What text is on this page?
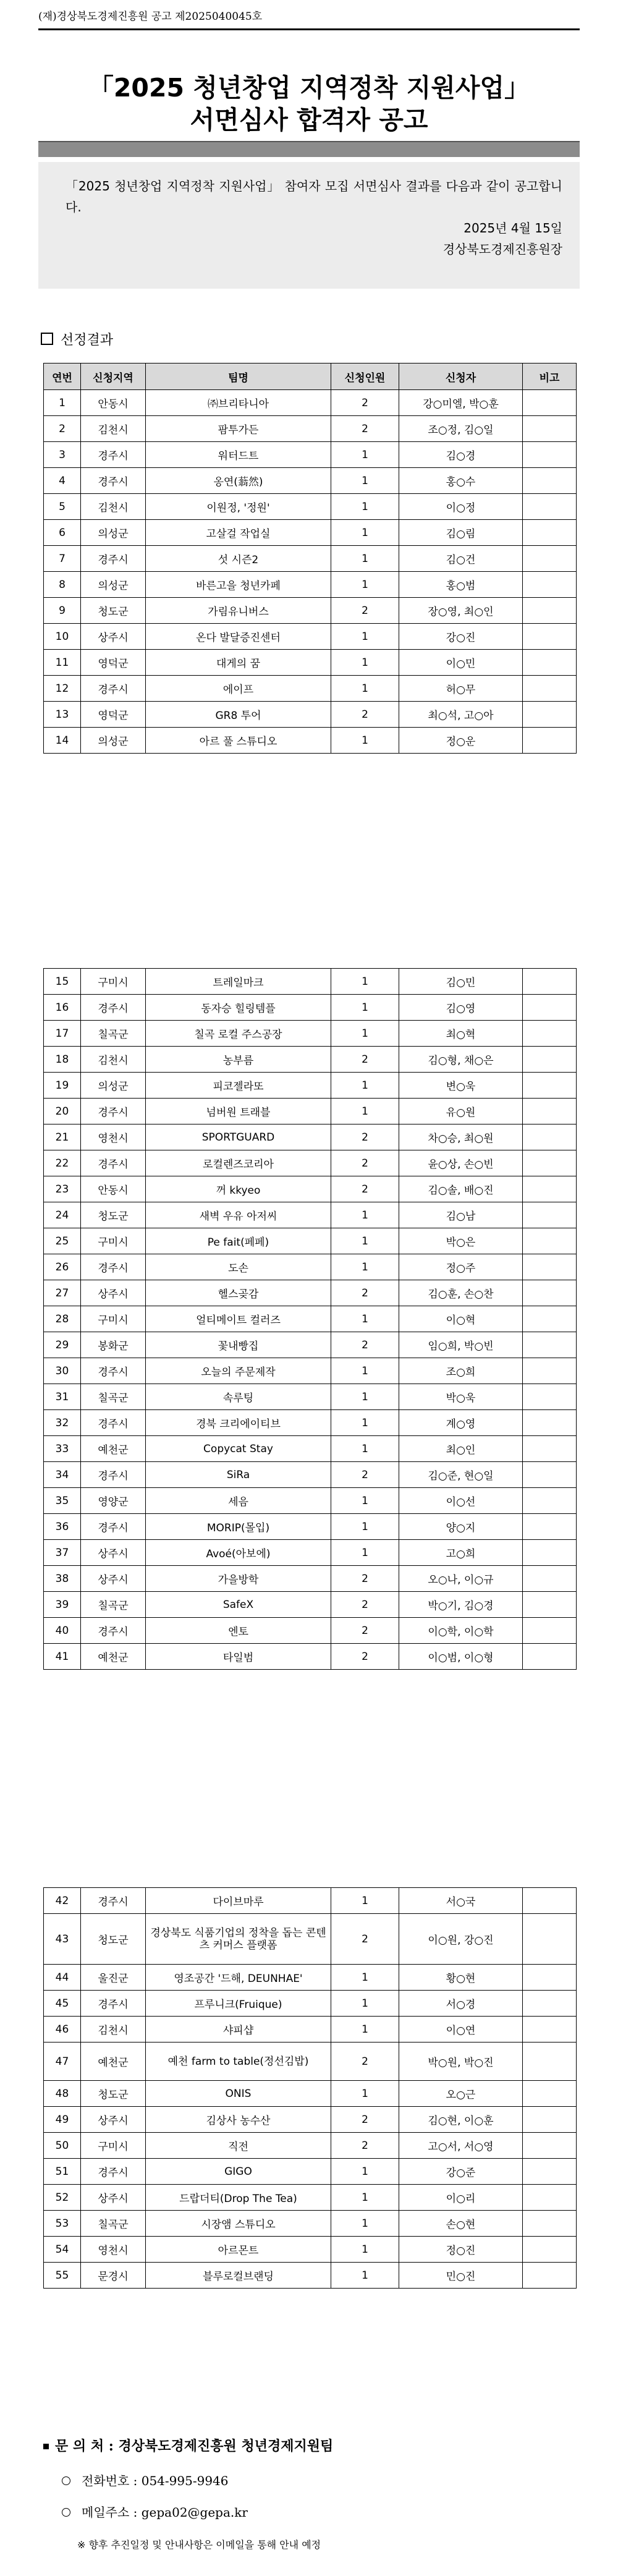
(재)경상북도경제진흥원 공고 제2025040045호
「2025 청년창업 지역정착 지원사업」
서면심사 합격자 공고
「2025 청년창업 지역정착 지원사업」 참여자 모집 서면심사 결과를 다음과 같이 공고합니다.
2025년 4월 15일
경상북도경제진흥원장
선정결과
연번	신청지역	팀명	신청인원	신청자	비고
1	안동시	㈜브리타니아	2	강○미엘, 박○훈	
2	김천시	팜투가든	2	조○정, 김○일	
3	경주시	워터드트	1	김○경	
4	경주시	옹연(蓊然)	1	홍○수	
5	김천시	이원정, '정원'	1	이○정	
6	의성군	고살걸 작업실	1	김○림	
7	경주시	섯 시즌2	1	김○건	
8	의성군	바른고을 청년카페	1	홍○범	
9	청도군	가림유니버스	2	장○영, 최○인	
10	상주시	온다 발달증진센터	1	강○진	
11	영덕군	대게의 꿈	1	이○민	
12	경주시	에이프	1	허○무	
13	영덕군	GR8 투어	2	최○석, 고○아	
14	의성군	아르 풀 스튜디오	1	정○운	
15	구미시	트레일마크	1	김○민	
16	경주시	동자승 힐링템플	1	김○영	
17	칠곡군	칠곡 로컬 주스공장	1	최○혁	
18	김천시	농부름	2	김○형, 채○은	
19	의성군	피코젤라또	1	변○욱	
20	경주시	넘버원 트래블	1	유○원	
21	영천시	SPORTGUARD	2	차○승, 최○원	
22	경주시	로컬렌즈코리아	2	윤○상, 손○빈	
23	안동시	꺼 kkyeo	2	김○솔, 배○진	
24	청도군	새벽 우유 아저씨	1	김○남	
25	구미시	Pe fait(페페)	1	박○은	
26	경주시	도손	1	정○주	
27	상주시	헬스곶감	2	김○훈, 손○찬	
28	구미시	얼티메이트 컬러즈	1	이○혁	
29	봉화군	꽃내빵집	2	임○희, 박○빈	
30	경주시	오늘의 주문제작	1	조○희	
31	칠곡군	속루팅	1	박○욱	
32	경주시	경북 크리에이티브	1	계○영	
33	예천군	Copycat Stay	1	최○인	
34	경주시	SiRa	2	김○준, 현○일	
35	영양군	세음	1	이○선	
36	경주시	MORIP(몰입)	1	양○지	
37	상주시	Avoé(아보에)	1	고○희	
38	상주시	가을방학	2	오○나, 이○규	
39	칠곡군	SafeX	2	박○기, 김○경	
40	경주시	엔토	2	이○학, 이○학	
41	예천군	타일범	2	이○범, 이○형	
42	경주시	다이브마루	1	서○국	
43	청도군	경상북도 식품기업의 정착을 돕는 콘텐츠 커머스 플랫폼	2	이○원, 강○진	
44	울진군	영조공간 '드해, DEUNHAE'	1	황○현	
45	경주시	프루니크(Fruique)	1	서○경	
46	김천시	샤피샵	1	이○연	
47	예천군	예천 farm to table(정선김밥)	2	박○원, 박○진	
48	청도군	ONIS	1	오○근	
49	상주시	김상사 농수산	2	김○현, 이○훈	
50	구미시	직전	2	고○서, 서○영	
51	경주시	GIGO	1	강○준	
52	상주시	드랍더티(Drop The Tea)	1	이○리	
53	칠곡군	시장앰 스튜디오	1	손○현	
54	영천시	아르몬트	1	정○진	
55	문경시	블루로컬브랜딩	1	민○진	
문 의 처 : 경상북도경제진흥원 청년경제지원팀
전화번호 : 054-995-9946
메일주소 : gepa02@gepa.kr
※ 향후 추진일정 및 안내사항은 이메일을 통해 안내 예정
